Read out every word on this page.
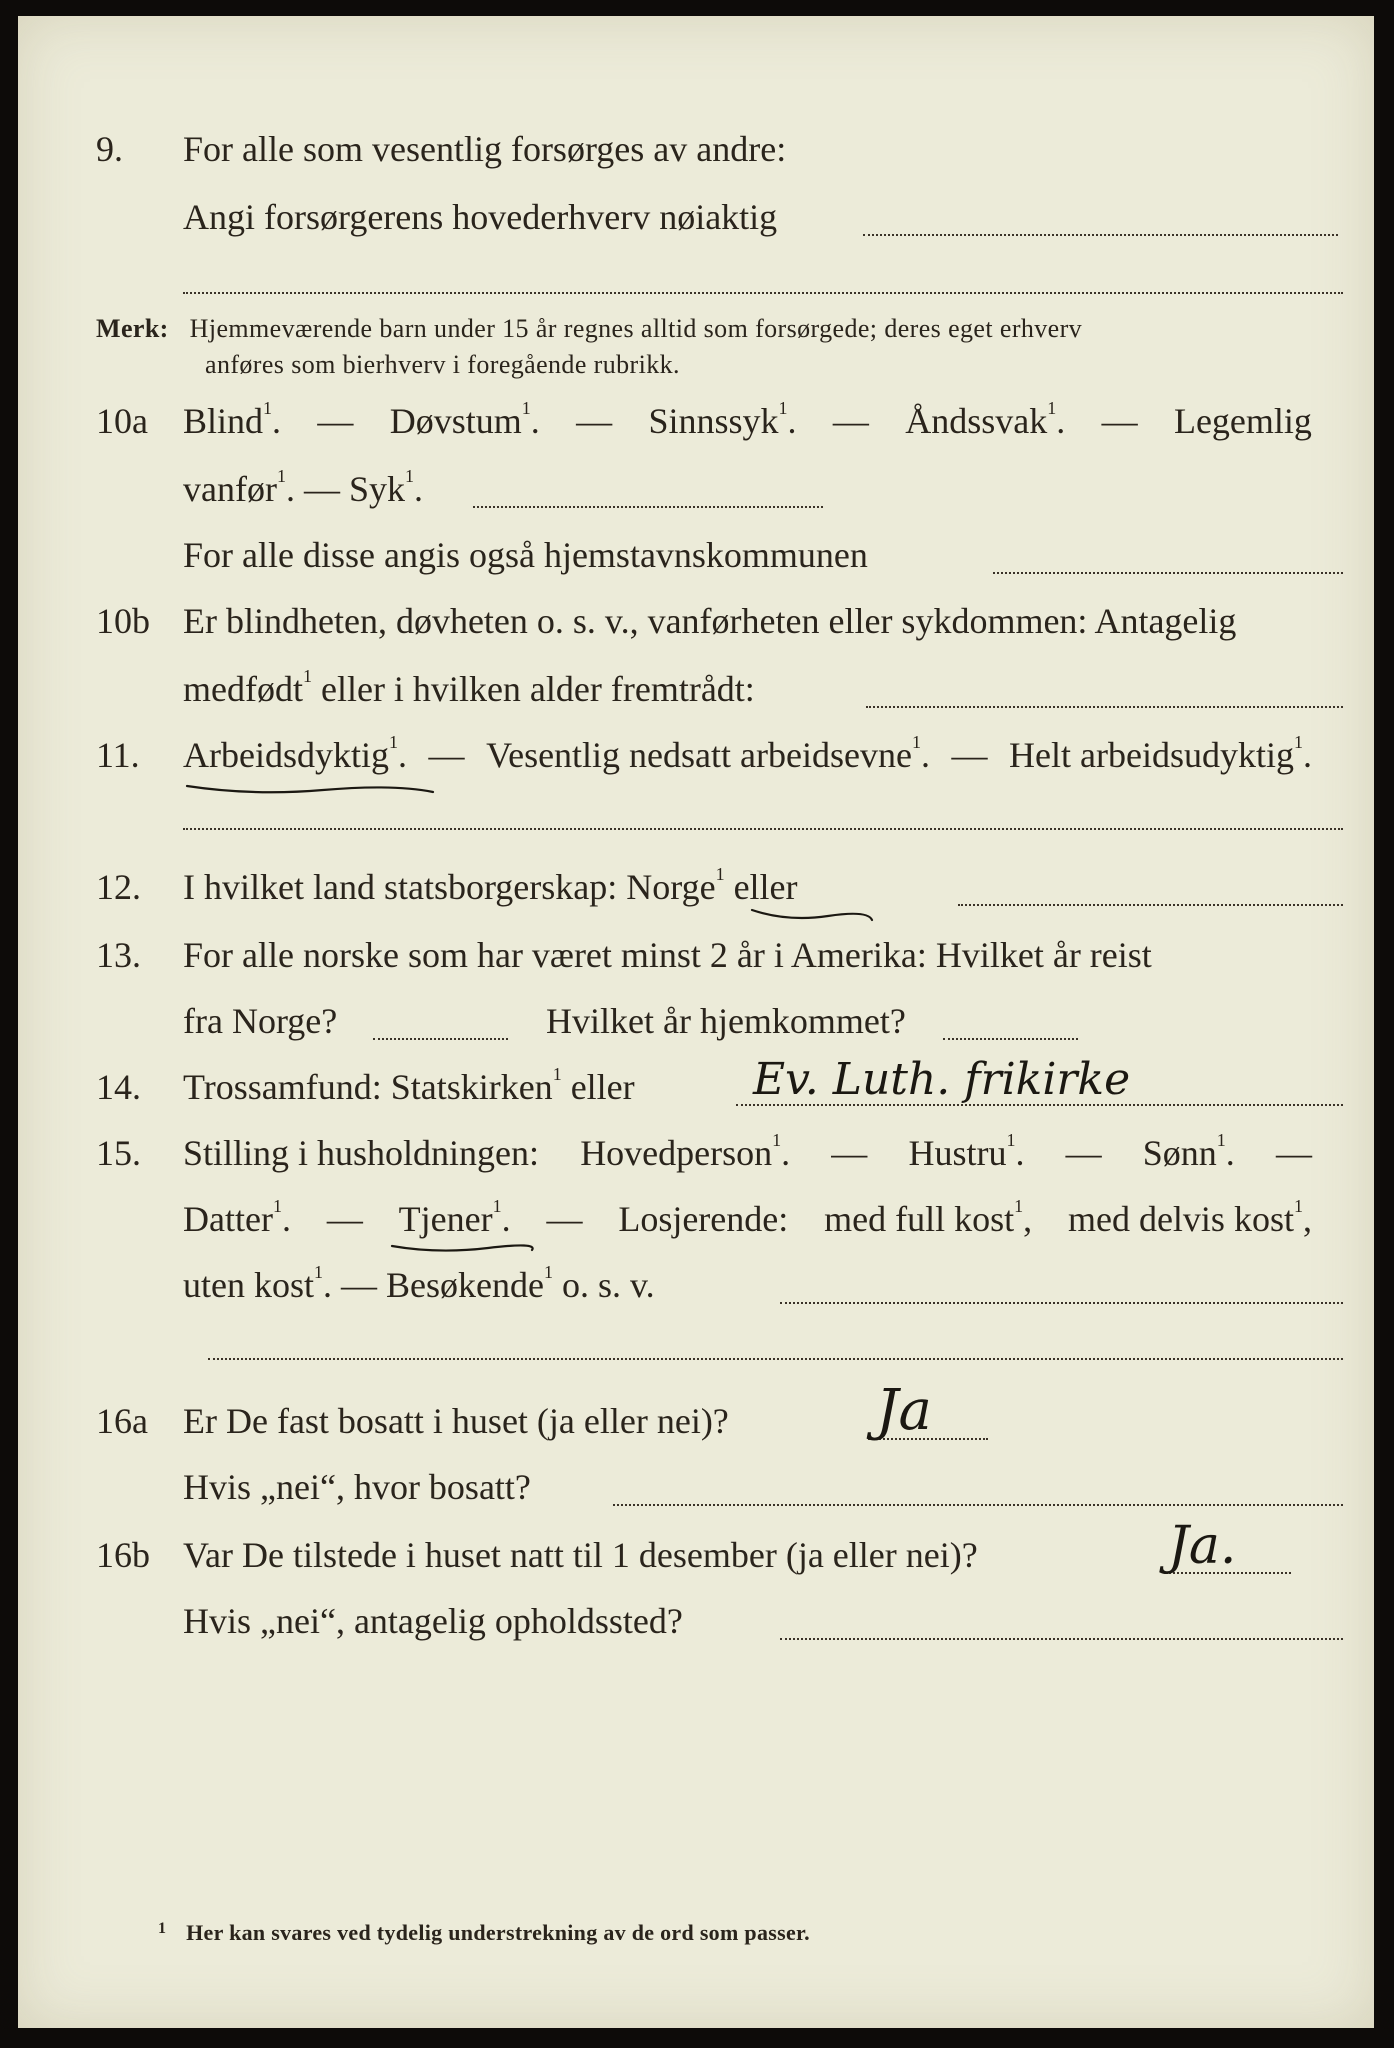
9. For alle som vesentlig forsørges av andre:
Angi forsørgerens hovederhverv nøiaktig
Merk: Hjemmeværende barn under 15 år regnes alltid som forsørgede; deres eget erhverv
anføres som bierhverv i foregående rubrikk.
10a Blind$^1$. — Døvstum$^1$. — Sinnssyk$^1$. — Åndssvak$^1$. — Legemlig
vanfør$^1$. — Syk$^1$.
For alle disse angis også hjemstavnskommunen
10b Er blindheten, døvheten o. s. v., vanførheten eller sykdommen: Antagelig
medfødt$^1$ eller i hvilken alder fremtrådt:
11. Arbeidsdyktig$^1$. — Vesentlig nedsatt arbeidsevne$^1$. — Helt arbeidsudyktig$^1$.
12. I hvilket land statsborgerskap: Norge$^1$ eller
13. For alle norske som har været minst 2 år i Amerika: Hvilket år reist
fra Norge?	Hvilket år hjemkommet?
14. Trossamfund: Statskirken$^1$ eller	Ev. Luth. frikirke
15. Stilling i husholdningen: Hovedperson$^1$. — Hustru$^1$. — Sønn$^1$. —
Datter$^1$. — Tjener$^1$. — Losjerende: med full kost$^1$, med delvis kost$^1$,
uten kost$^1$. — Besøkende$^1$ o. s. v.
16a Er De fast bosatt i huset (ja eller nei)?	Ja
Hvis „nei“, hvor bosatt?
16b Var De tilstede i huset natt til 1 desember (ja eller nei)?	Ja.
Hvis „nei“, antagelig opholdssted?
$^1$ Her kan svares ved tydelig understrekning av de ord som passer.
